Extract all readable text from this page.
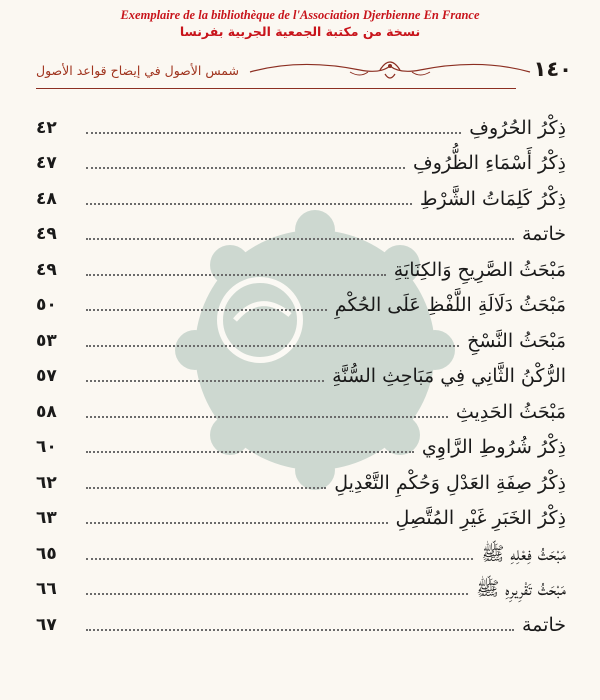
Exemplaire de la bibliothèque de l'Association Djerbienne En France
نسخة من مكتبة الجمعية الجربية بفرنسا
شمس الأصول في إيضاح قواعد الأصول	١٤٠
ذِكْرُ الحُرُوفِ
٤٢
ذِكْرُ أَسْمَاءِ الظُّرُوفِ
٤٧
ذِكْرُ كَلِمَاتُ الشَّرْطِ
٤٨
خاتمة
٤٩
مَبْحَثُ الصَّرِيحِ وَالكِنَايَةِ
٤٩
مَبْحَثُ دَلَالَةِ اللَّفْظِ عَلَى الحُكْمِ
٥٠
مَبْحَثُ النَّسْخِ
٥٣
الرُّكْنُ الثَّانِي فِي مَبَاحِثِ السُّنَّةِ
٥٧
مَبْحَثُ الحَدِيثِ
٥٨
ذِكْرُ شُرُوطِ الرَّاوِي
٦٠
ذِكْرُ صِفَةِ العَدْلِ وَحُكْمِ التَّعْدِيلِ
٦٢
ذِكْرُ الخَبَرِ غَيْرِ المُتَّصِلِ
٦٣
مَبْحَثُ فِعْلِهِ ﷺ
٦٥
مَبْحَثُ تَقْرِيرِهِ ﷺ
٦٦
خاتمة
٦٧
